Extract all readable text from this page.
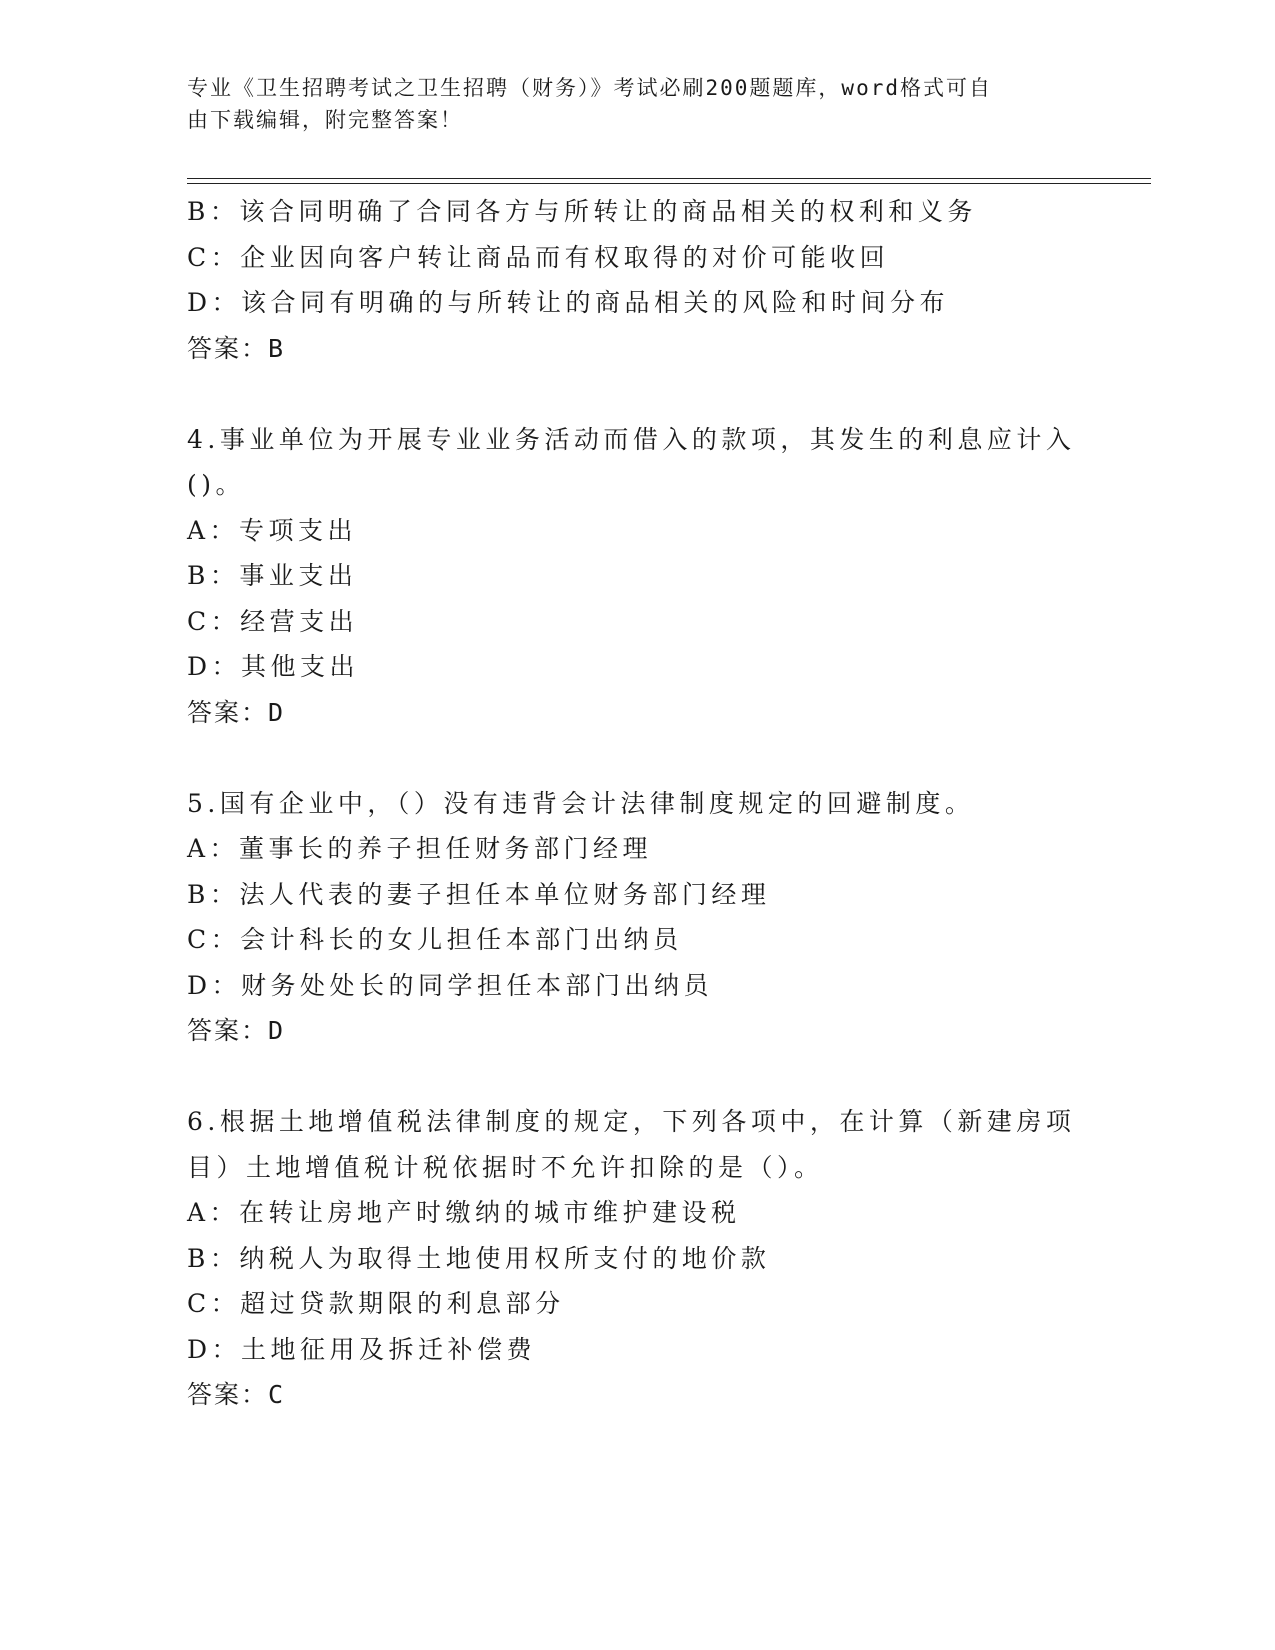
专业《卫生招聘考试之卫生招聘（财务）》考试必刷200题题库，word格式可自
由下载编辑，附完整答案！
B：该合同明确了合同各方与所转让的商品相关的权利和义务
C：企业因向客户转让商品而有权取得的对价可能收回
D：该合同有明确的与所转让的商品相关的风险和时间分布
答案：B
4.事业单位为开展专业业务活动而借入的款项，其发生的利息应计入
()。
A：专项支出
B：事业支出
C：经营支出
D：其他支出
答案：D
5.国有企业中，（）没有违背会计法律制度规定的回避制度。
A：董事长的养子担任财务部门经理
B：法人代表的妻子担任本单位财务部门经理
C：会计科长的女儿担任本部门出纳员
D：财务处处长的同学担任本部门出纳员
答案：D
6.根据土地增值税法律制度的规定，下列各项中，在计算（新建房项
目）土地增值税计税依据时不允许扣除的是（）。
A：在转让房地产时缴纳的城市维护建设税
B：纳税人为取得土地使用权所支付的地价款
C：超过贷款期限的利息部分
D：土地征用及拆迁补偿费
答案：C
